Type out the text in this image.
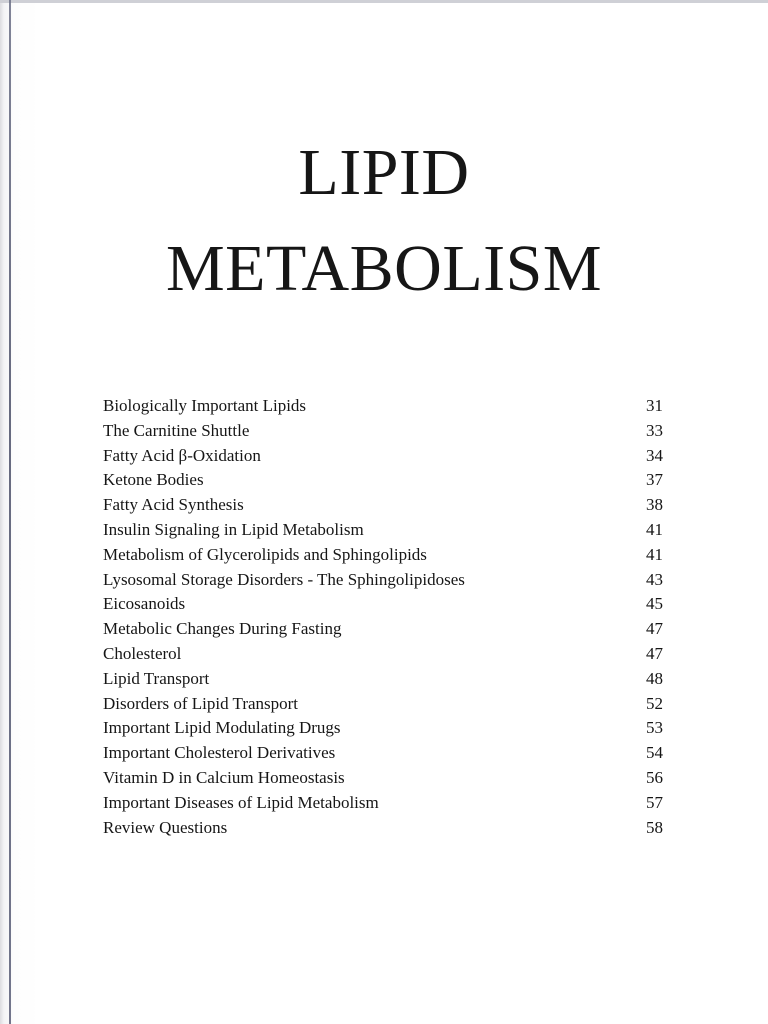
LIPID
METABOLISM
Biologically Important Lipids	31
The Carnitine Shuttle	33
Fatty Acid β-Oxidation	34
Ketone Bodies	37
Fatty Acid Synthesis	38
Insulin Signaling in Lipid Metabolism	41
Metabolism of Glycerolipids and Sphingolipids	41
Lysosomal Storage Disorders - The Sphingolipidoses	43
Eicosanoids	45
Metabolic Changes During Fasting	47
Cholesterol	47
Lipid Transport	48
Disorders of Lipid Transport	52
Important Lipid Modulating Drugs	53
Important Cholesterol Derivatives	54
Vitamin D in Calcium Homeostasis	56
Important Diseases of Lipid Metabolism	57
Review Questions	58
